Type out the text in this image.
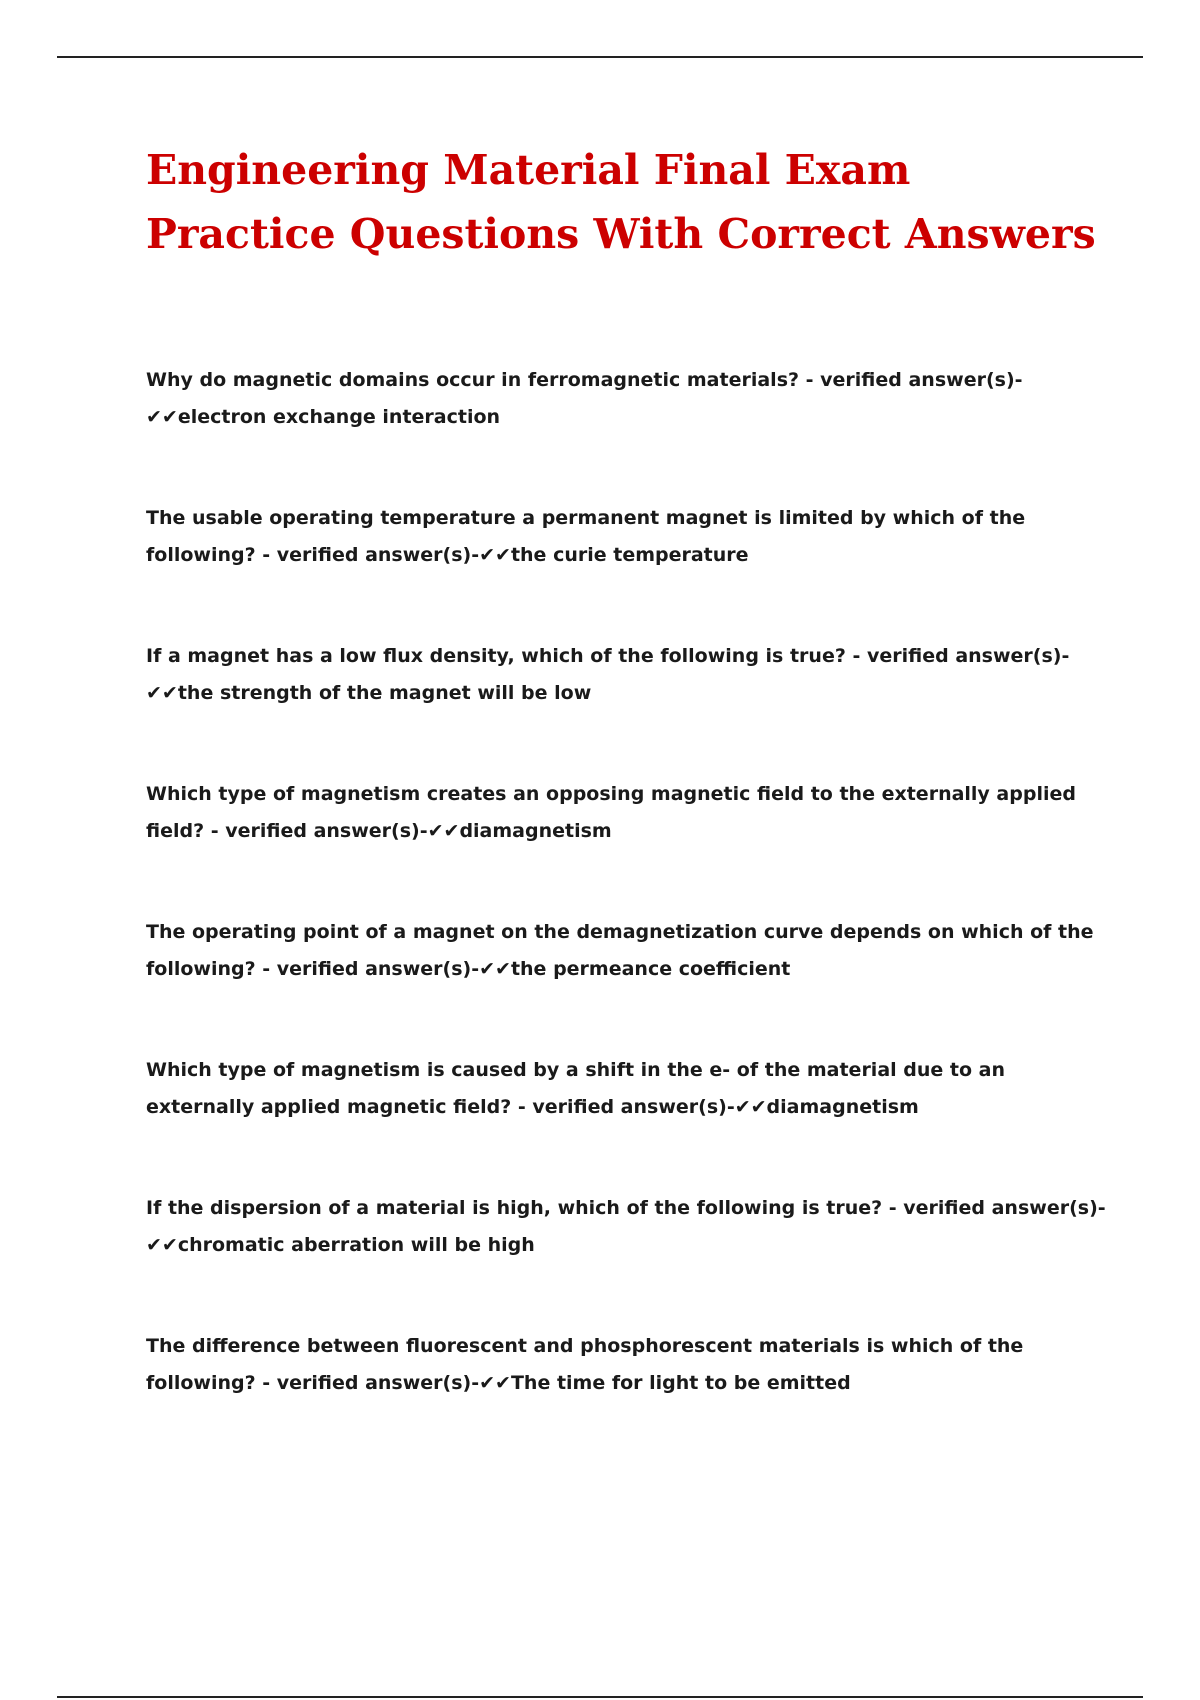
Engineering Material Final Exam Practice Questions With Correct Answers

Why do magnetic domains occur in ferromagnetic materials? - verified answer(s)-✔✔electron exchange interaction

The usable operating temperature a permanent magnet is limited by which of the following? - verified answer(s)-✔✔the curie temperature

If a magnet has a low flux density, which of the following is true? - verified answer(s)-✔✔the strength of the magnet will be low

Which type of magnetism creates an opposing magnetic field to the externally applied field? - verified answer(s)-✔✔diamagnetism

The operating point of a magnet on the demagnetization curve depends on which of the following? - verified answer(s)-✔✔the permeance coefficient

Which type of magnetism is caused by a shift in the e- of the material due to an externally applied magnetic field? - verified answer(s)-✔✔diamagnetism

If the dispersion of a material is high, which of the following is true? - verified answer(s)-✔✔chromatic aberration will be high

The difference between fluorescent and phosphorescent materials is which of the following? - verified answer(s)-✔✔The time for light to be emitted
